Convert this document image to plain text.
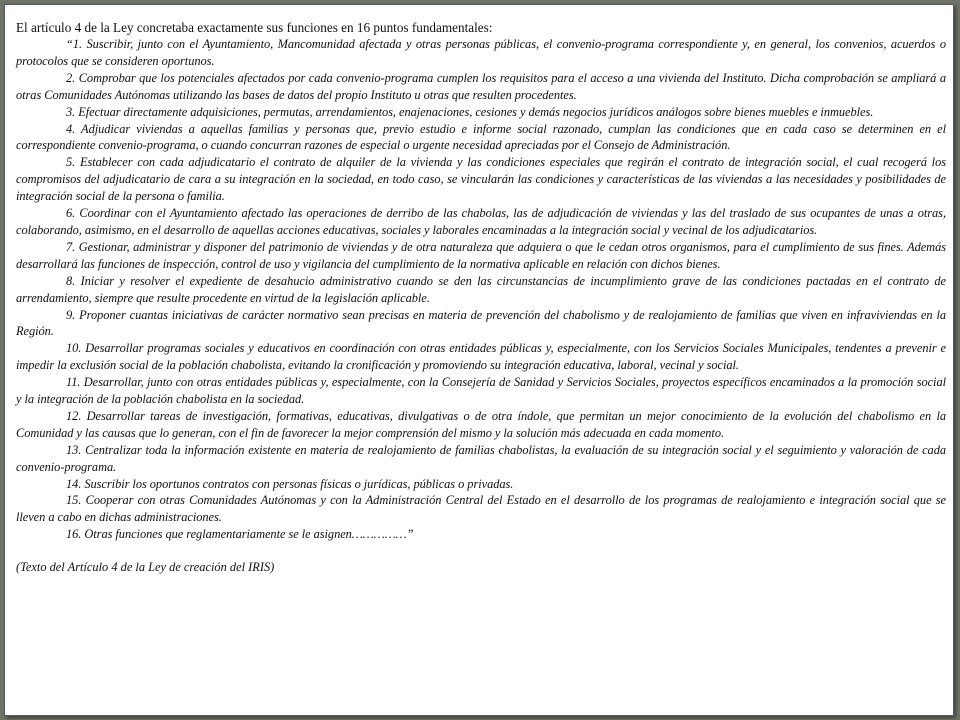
El artículo 4 de la Ley concretaba exactamente sus funciones en 16 puntos fundamentales:

“1. Suscribir, junto con el Ayuntamiento, Mancomunidad afectada y otras personas públicas, el convenio-programa correspondiente y, en general, los convenios, acuerdos o protocolos que se consideren oportunos.

2. Comprobar que los potenciales afectados por cada convenio-programa cumplen los requisitos para el acceso a una vivienda del Instituto. Dicha comprobación se ampliará a otras Comunidades Autónomas utilizando las bases de datos del propio Instituto u otras que resulten procedentes.

3. Efectuar directamente adquisiciones, permutas, arrendamientos, enajenaciones, cesiones y demás negocios jurídicos análogos sobre bienes muebles e inmuebles.

4. Adjudicar viviendas a aquellas familias y personas que, previo estudio e informe social razonado, cumplan las condiciones que en cada caso se determinen en el correspondiente convenio-programa, o cuando concurran razones de especial o urgente necesidad apreciadas por el Consejo de Administración.

5. Establecer con cada adjudicatario el contrato de alquiler de la vivienda y las condiciones especiales que regirán el contrato de integración social, el cual recogerá los compromisos del adjudicatario de cara a su integración en la sociedad, en todo caso, se vincularán las condiciones y características de las viviendas a las necesidades y posibilidades de integración social de la persona o familia.

6. Coordinar con el Ayuntamiento afectado las operaciones de derribo de las chabolas, las de adjudicación de viviendas y las del traslado de sus ocupantes de unas a otras, colaborando, asimismo, en el desarrollo de aquellas acciones educativas, sociales y laborales encaminadas a la integración social y vecinal de los adjudicatarios.

7. Gestionar, administrar y disponer del patrimonio de viviendas y de otra naturaleza que adquiera o que le cedan otros organismos, para el cumplimiento de sus fines. Además desarrollará las funciones de inspección, control de uso y vigilancia del cumplimiento de la normativa aplicable en relación con dichos bienes.

8. Iniciar y resolver el expediente de desahucio administrativo cuando se den las circunstancias de incumplimiento grave de las condiciones pactadas en el contrato de arrendamiento, siempre que resulte procedente en virtud de la legislación aplicable.

9. Proponer cuantas iniciativas de carácter normativo sean precisas en materia de prevención del chabolismo y de realojamiento de familias que viven en infraviviendas en la Región.

10. Desarrollar programas sociales y educativos en coordinación con otras entidades públicas y, especialmente, con los Servicios Sociales Municipales, tendentes a prevenir e impedir la exclusión social de la población chabolista, evitando la cronificación y promoviendo su integración educativa, laboral, vecinal y social.

11. Desarrollar, junto con otras entidades públicas y, especialmente, con la Consejería de Sanidad y Servicios Sociales, proyectos específicos encaminados a la promoción social y la integración de la población chabolista en la sociedad.

12. Desarrollar tareas de investigación, formativas, educativas, divulgativas o de otra índole, que permitan un mejor conocimiento de la evolución del chabolismo en la Comunidad y las causas que lo generan, con el fin de favorecer la mejor comprensión del mismo y la solución más adecuada en cada momento.

13. Centralizar toda la información existente en materia de realojamiento de familias chabolistas, la evaluación de su integración social y el seguimiento y valoración de cada convenio-programa.

14. Suscribir los oportunos contratos con personas físicas o jurídicas, públicas o privadas.

15. Cooperar con otras Comunidades Autónomas y con la Administración Central del Estado en el desarrollo de los programas de realojamiento e integración social que se lleven a cabo en dichas administraciones.

16. Otras funciones que reglamentariamente se le asignen……………”

(Texto del Artículo 4 de la Ley de creación del IRIS)
